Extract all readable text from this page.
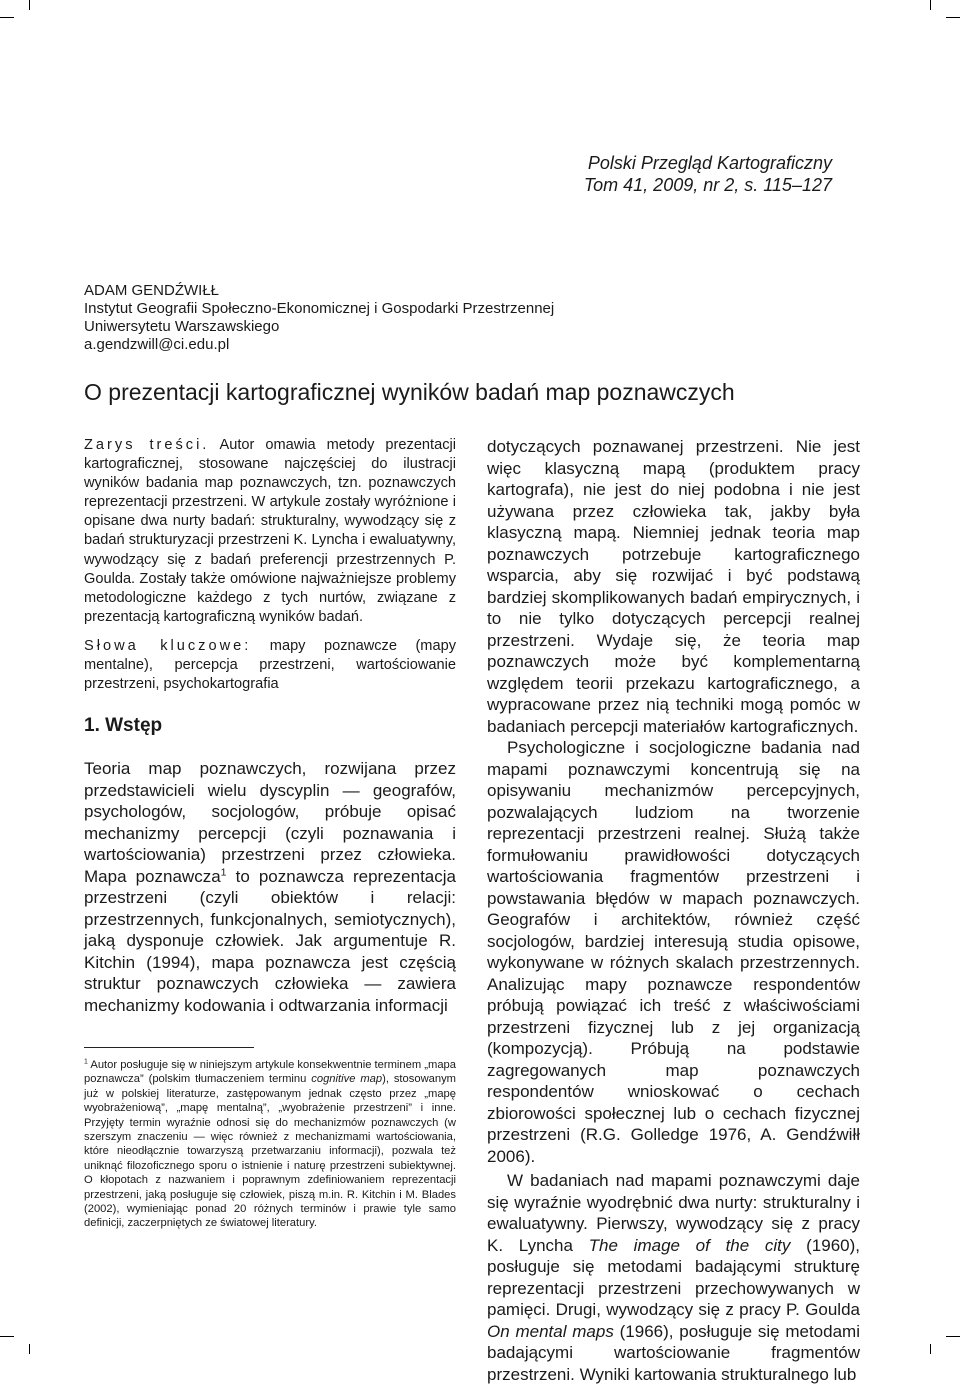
Polski Przegląd Kartograficzny
Tom 41, 2009, nr 2, s. 115–127
ADAM GENDŹWIŁŁ
Instytut Geografii Społeczno-Ekonomicznej i Gospodarki Przestrzennej
Uniwersytetu Warszawskiego
a.gendzwill@ci.edu.pl
O prezentacji kartograficznej wyników badań map poznawczych

Zarys treści. Autor omawia metody prezentacji kartograficznej, stosowane najczęściej do ilustracji wyników badania map poznawczych, tzn. poznawczych reprezentacji przestrzeni. W artykule zostały wyróżnione i opisane dwa nurty badań: strukturalny, wywodzący się z badań strukturyzacji przestrzeni K. Lyncha i ewaluatywny, wywodzący się z badań preferencji przestrzennych P. Goulda. Zostały także omówione najważniejsze problemy metodologiczne każdego z tych nurtów, związane z prezentacją kartograficzną wyników badań.

Słowa kluczowe: mapy poznawcze (mapy mentalne), percepcja przestrzeni, wartościowanie przestrzeni, psychokartografia

1. Wstęp

Teoria map poznawczych, rozwijana przez przedstawicieli wielu dyscyplin — geografów, psychologów, socjologów, próbuje opisać mechanizmy percepcji (czyli poznawania i wartościowania) przestrzeni przez człowieka. Mapa poznawcza$^1$ to poznawcza reprezentacja przestrzeni (czyli obiektów i relacji: przestrzennych, funkcjonalnych, semiotycznych), jaką dysponuje człowiek. Jak argumentuje R. Kitchin (1994), mapa poznawcza jest częścią struktur poznawczych człowieka — zawiera mechanizmy kodowania i odtwarzania informacji

$^1$ Autor posługuje się w niniejszym artykule konsekwentnie terminem „mapa poznawcza” (polskim tłumaczeniem terminu cognitive map), stosowanym już w polskiej literaturze, zastępowanym jednak często przez „mapę wyobrażeniową”, „mapę mentalną”, „wyobrażenie przestrzeni” i inne. Przyjęty termin wyraźnie odnosi się do mechanizmów poznawczych (w szerszym znaczeniu — więc również z mechanizmami wartościowania, które nieodłącznie towarzyszą przetwarzaniu informacji), pozwala też uniknąć filozoficznego sporu o istnienie i naturę przestrzeni subiektywnej. O kłopotach z nazwaniem i poprawnym zdefiniowaniem reprezentacji przestrzeni, jaką posługuje się człowiek, piszą m.in. R. Kitchin i M. Blades (2002), wymieniając ponad 20 różnych terminów i prawie tyle samo definicji, zaczerpniętych ze światowej literatury.

dotyczących poznawanej przestrzeni. Nie jest więc klasyczną mapą (produktem pracy kartografa), nie jest do niej podobna i nie jest używana przez człowieka tak, jakby była klasyczną mapą. Niemniej jednak teoria map poznawczych potrzebuje kartograficznego wsparcia, aby się rozwijać i być podstawą bardziej skomplikowanych badań empirycznych, i to nie tylko dotyczących percepcji realnej przestrzeni. Wydaje się, że teoria map poznawczych może być komplementarną względem teorii przekazu kartograficznego, a wypracowane przez nią techniki mogą pomóc w badaniach percepcji materiałów kartograficznych.

Psychologiczne i socjologiczne badania nad mapami poznawczymi koncentrują się na opisywaniu mechanizmów percepcyjnych, pozwalających ludziom na tworzenie reprezentacji przestrzeni realnej. Służą także formułowaniu prawidłowości dotyczących wartościowania fragmentów przestrzeni i powstawania błędów w mapach poznawczych. Geografów i architektów, również część socjologów, bardziej interesują studia opisowe, wykonywane w różnych skalach przestrzennych. Analizując mapy poznawcze respondentów próbują powiązać ich treść z właściwościami przestrzeni fizycznej lub z jej organizacją (kompozycją). Próbują na podstawie zagregowanych map poznawczych respondentów wnioskować o cechach zbiorowości społecznej lub o cechach fizycznej przestrzeni (R.G. Golledge 1976, A. Gendźwiłł 2006).

W badaniach nad mapami poznawczymi daje się wyraźnie wyodrębnić dwa nurty: strukturalny i ewaluatywny. Pierwszy, wywodzący się z pracy K. Lyncha The image of the city (1960), posługuje się metodami badającymi strukturę reprezentacji przestrzeni przechowywanych w pamięci. Drugi, wywodzący się z pracy P. Goulda On mental maps (1966), posługuje się metodami badającymi wartościowanie fragmentów przestrzeni. Wyniki kartowania strukturalnego lub
